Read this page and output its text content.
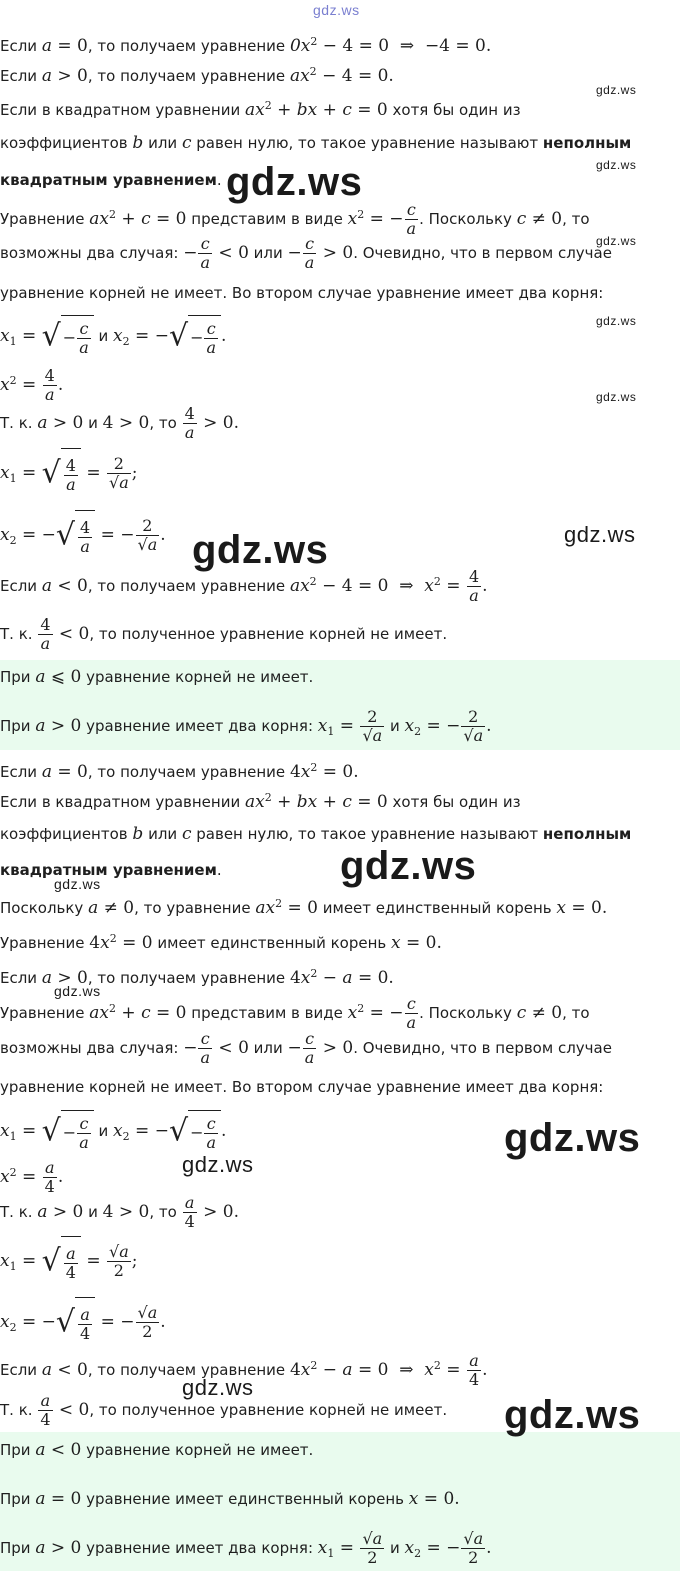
gdz.ws
gdz.ws
gdz.ws	gdz.ws
gdz.ws
gdz.ws
gdz.ws
gdz.ws
gdz.ws
gdz.ws
gdz.ws
gdz.ws
gdz.ws
gdz.ws
gdz.ws
gdz.ws
Если a = 0, то получаем уравнение $0x^2 - 4 = 0$  ⇒  −4 = 0.
Если a > 0, то получаем уравнение $ax^2 - 4 = 0$.
Если в квадратном уравнении $ax^2$ + bx + c = 0 хотя бы один из
коэффициентов b или c равен нулю, то такое уравнение называют неполным
квадратным уравнением.
Уравнение $ax^2 + c = 0$ представим в виде $x^2$ = − $\frac{c}{a}$ . Поскольку c ≠ 0, то
возможны два случая: − $\frac{c}{a} < 0$ или − $\frac{c}{a} > 0$. Очевидно, что в первом случае
уравнение корней не имеет. Во втором случае уравнение имеет два корня:
$x_1$ = √ − $\frac{c}{a}$ и $x_2$ = −√ − $\frac{c}{a}$ .
$x^2 = \frac{4}{a}$ .
Т. к. a > 0 и 4 > 0, то $\frac{4}{a} > 0$.
$x_1$ = √ $\frac{4}{a} = \frac{2}{√a}$ ;
$x_2$ = −√ $\frac{4}{a}$ = − $\frac{2}{√a}$ .
Если a < 0, то получаем уравнение $ax^2 - 4 = 0$  ⇒  $x^2 = \frac{4}{a}$ .
Т. к. $\frac{4}{a} < 0$, то полученное уравнение корней не имеет.
При a ⩽ 0 уравнение корней не имеет.
При a > 0 уравнение имеет два корня: $x_1 = \frac{2}{√a}$ и $x_2$ = − $\frac{2}{√a}$ .
Если a = 0, то получаем уравнение $4x^2 = 0$.
Если в квадратном уравнении $ax^2$ + bx + c = 0 хотя бы один из
коэффициентов b или c равен нулю, то такое уравнение называют неполным
квадратным уравнением.
Поскольку a ≠ 0, то уравнение $ax^2 = 0$ имеет единственный корень x = 0.
Уравнение $4x^2 = 0$ имеет единственный корень x = 0.
Если a > 0, то получаем уравнение $4x^2 - a = 0$.
Уравнение $ax^2 + c = 0$ представим в виде $x^2$ = − $\frac{c}{a}$ . Поскольку c ≠ 0, то
возможны два случая: − $\frac{c}{a} < 0$ или − $\frac{c}{a} > 0$. Очевидно, что в первом случае
уравнение корней не имеет. Во втором случае уравнение имеет два корня:
$x_1$ = √ − $\frac{c}{a}$ и $x_2$ = −√ − $\frac{c}{a}$ .
$x^2 = \frac{a}{4}$ .
Т. к. a > 0 и 4 > 0, то $\frac{a}{4} > 0$.
$x_1$ = √ $\frac{a}{4} = \frac{√a}{2}$ ;
$x_2$ = −√ $\frac{a}{4}$ = − $\frac{√a}{2}$ .
Если a < 0, то получаем уравнение $4x^2 - a = 0$  ⇒  $x^2 = \frac{a}{4}$ .
Т. к. $\frac{a}{4} < 0$, то полученное уравнение корней не имеет.
При a < 0 уравнение корней не имеет.
При a = 0 уравнение имеет единственный корень x = 0.
При a > 0 уравнение имеет два корня: $x_1 = \frac{√a}{2}$ и $x_2$ = − $\frac{√a}{2}$ .
